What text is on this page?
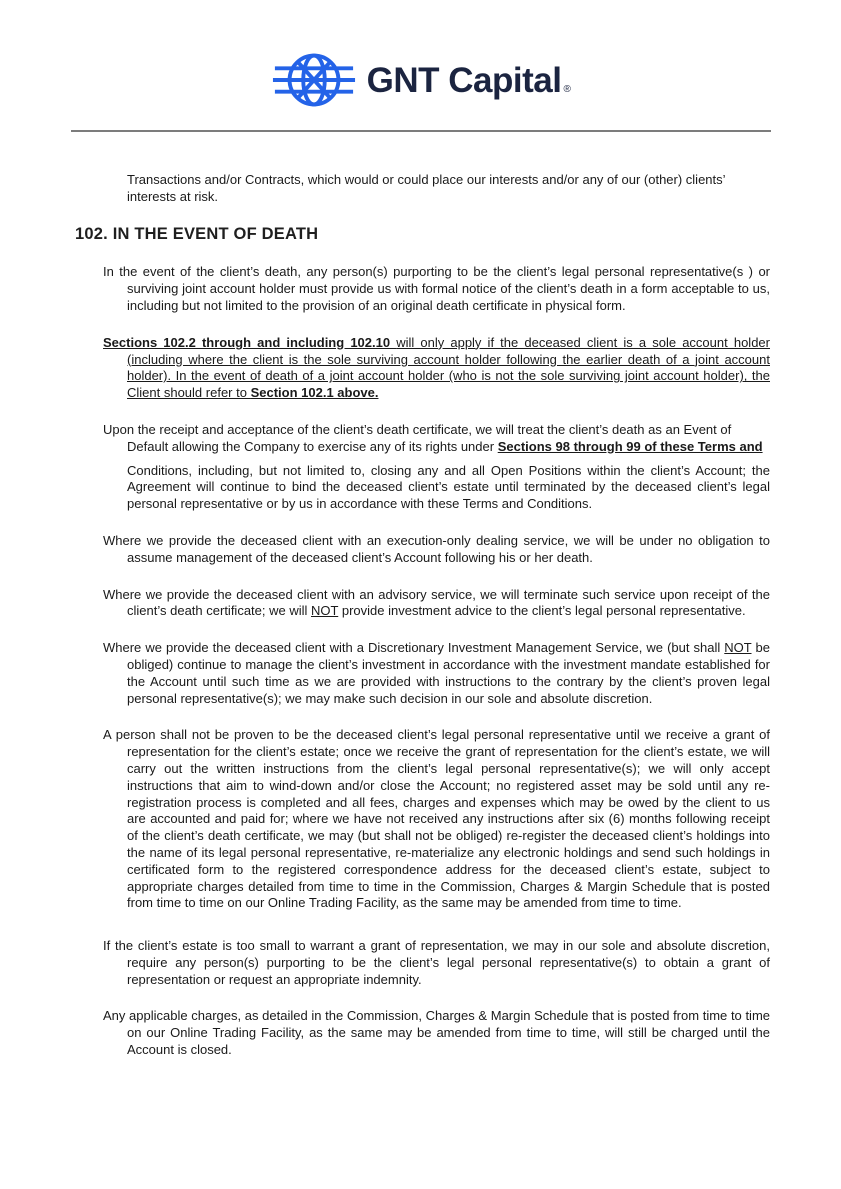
GNT Capital ®

Transactions and/or Contracts, which would or could place our interests and/or any of our (other) clients’ interests at risk.

102. IN THE EVENT OF DEATH

In the event of the client’s death, any person(s) purporting to be the client’s legal personal representative(s ) or surviving joint account holder must provide us with formal notice of the client’s death in a form acceptable to us, including but not limited to the provision of an original death certificate in physical form.

Sections 102.2 through and including 102.10 will only apply if the deceased client is a sole account holder (including where the client is the sole surviving account holder following the earlier death of a joint account holder). In the event of death of a joint account holder (who is not the sole surviving joint account holder), the Client should refer to Section 102.1 above.

Upon the receipt and acceptance of the client’s death certificate, we will treat the client’s death as an Event of Default allowing the Company to exercise any of its rights under Sections 98 through 99 of these Terms and

Conditions, including, but not limited to, closing any and all Open Positions within the client’s Account; the Agreement will continue to bind the deceased client’s estate until terminated by the deceased client’s legal personal representative or by us in accordance with these Terms and Conditions.

Where we provide the deceased client with an execution-only dealing service, we will be under no obligation to assume management of the deceased client’s Account following his or her death.

Where we provide the deceased client with an advisory service, we will terminate such service upon receipt of the client’s death certificate; we will NOT provide investment advice to the client’s legal personal representative.

Where we provide the deceased client with a Discretionary Investment Management Service, we (but shall NOT be obliged) continue to manage the client’s investment in accordance with the investment mandate established for the Account until such time as we are provided with instructions to the contrary by the client’s proven legal personal representative(s); we may make such decision in our sole and absolute discretion.

A person shall not be proven to be the deceased client’s legal personal representative until we receive a grant of representation for the client’s estate; once we receive the grant of representation for the client’s estate, we will carry out the written instructions from the client’s legal personal representative(s); we will only accept instructions that aim to wind-down and/or close the Account; no registered asset may be sold until any re-registration process is completed and all fees, charges and expenses which may be owed by the client to us are accounted and paid for; where we have not received any instructions after six (6) months following receipt of the client’s death certificate, we may (but shall not be obliged) re-register the deceased client’s holdings into the name of its legal personal representative, re-materialize any electronic holdings and send such holdings in certificated form to the registered correspondence address for the deceased client’s estate, subject to appropriate charges detailed from time to time in the Commission, Charges & Margin Schedule that is posted from time to time on our Online Trading Facility, as the same may be amended from time to time.

If the client’s estate is too small to warrant a grant of representation, we may in our sole and absolute discretion, require any person(s) purporting to be the client’s legal personal representative(s) to obtain a grant of representation or request an appropriate indemnity.

Any applicable charges, as detailed in the Commission, Charges & Margin Schedule that is posted from time to time on our Online Trading Facility, as the same may be amended from time to time, will still be charged until the Account is closed.
